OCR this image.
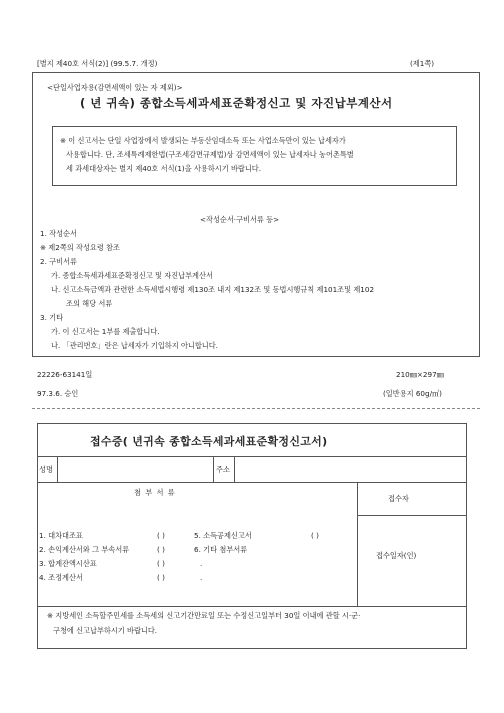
[별지 제40호 서식(2)] (99.5.7. 개정)	(제1쪽)
<단일사업자용(감면세액이 있는 자 제외)>
( 년 귀속) 종합소득세과세표준확정신고 및 자진납부계산서
※ 이 신고서는 단일 사업장에서 발생되는 부동산임대소득 또는 사업소득만이 있는 납세자가
사용합니다. 단, 조세특례제한법(구조세감면규제법)상 감면세액이 있는 납세자나 농어촌특별
세 과세대상자는 별지 제40호 서식(1)을 사용하시기 바랍니다.
<작성순서·구비서류 등>
1. 작성순서
※ 제2쪽의 작성요령 참조
2. 구비서류
가. 종합소득세과세표준확정신고 및 자진납부계산서
나. 신고소득금액과 관련한 소득세법시행령 제130조 내지 제132조 및 동법시행규칙 제101조및 제102
조의 해당 서류
3. 기타
가. 이 신고서는 1부를 제출합니다.
나. 「관리번호」란은 납세자가 기입하지 아니합니다.
22226-63141일	210㎜×297㎜
97.3.6. 승인	(일반용지 60g/㎡)
접수증( 년귀속 종합소득세과세표준확정신고서)
성명	주소
첨 부 서 류
접수자
접수일자(인)
1. 대차대조표	( )
2. 손익계산서와 그 부속서류	( )
3. 합계잔액시산표	( )
4. 조정계산서	( )
5. 소득공제신고서	( )
6. 기타 첨부서류
.
.
※ 지방세인 소득할주민세를 소득세의 신고기간만료일 또는 수정신고일부터 30일 이내에 관할 시·군·
구청에 신고납부하시기 바랍니다.
